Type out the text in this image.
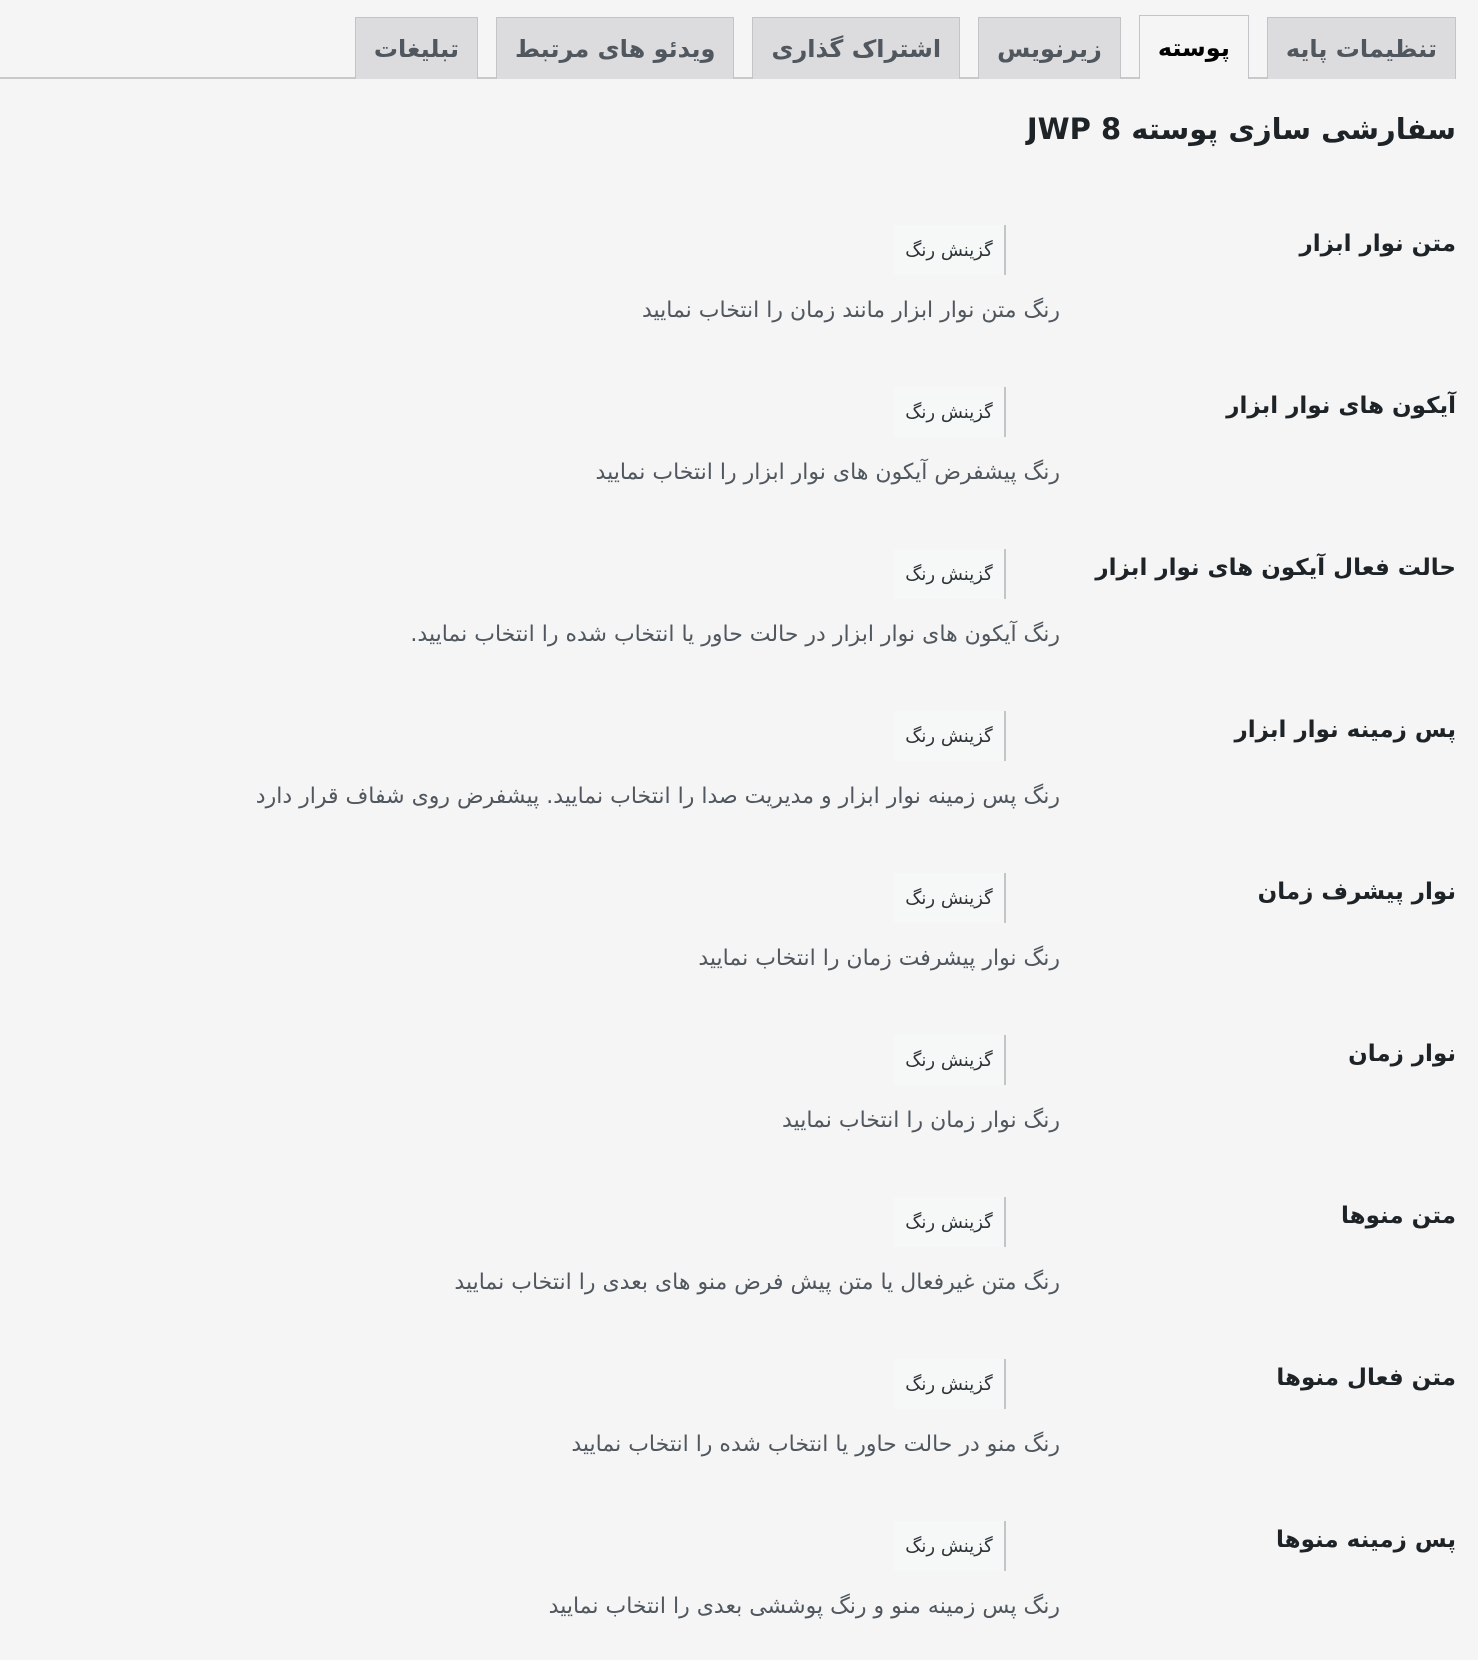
تنظیمات پایه
پوسته
زیرنویس
اشتراک گذاری
ویدئو های مرتبط
تبلیغات
سفارشی سازی پوسته JWP 8
متن نوار ابزار
گزینش رنگ
رنگ متن نوار ابزار مانند زمان را انتخاب نمایید
آیکون های نوار ابزار
گزینش رنگ
رنگ پیشفرض آیکون های نوار ابزار را انتخاب نمایید
حالت فعال آیکون های نوار ابزار
گزینش رنگ
رنگ آیکون های نوار ابزار در حالت حاور یا انتخاب شده را انتخاب نمایید.
پس زمینه نوار ابزار
گزینش رنگ
رنگ پس زمینه نوار ابزار و مدیریت صدا را انتخاب نمایید. پیشفرض روی شفاف قرار دارد
نوار پیشرف زمان
گزینش رنگ
رنگ نوار پیشرفت زمان را انتخاب نمایید
نوار زمان
گزینش رنگ
رنگ نوار زمان را انتخاب نمایید
متن منوها
گزینش رنگ
رنگ متن غیرفعال یا متن پیش فرض منو های بعدی را انتخاب نمایید
متن فعال منوها
گزینش رنگ
رنگ منو در حالت حاور یا انتخاب شده را انتخاب نمایید
پس زمینه منوها
گزینش رنگ
رنگ پس زمینه منو و رنگ پوششی بعدی را انتخاب نمایید
